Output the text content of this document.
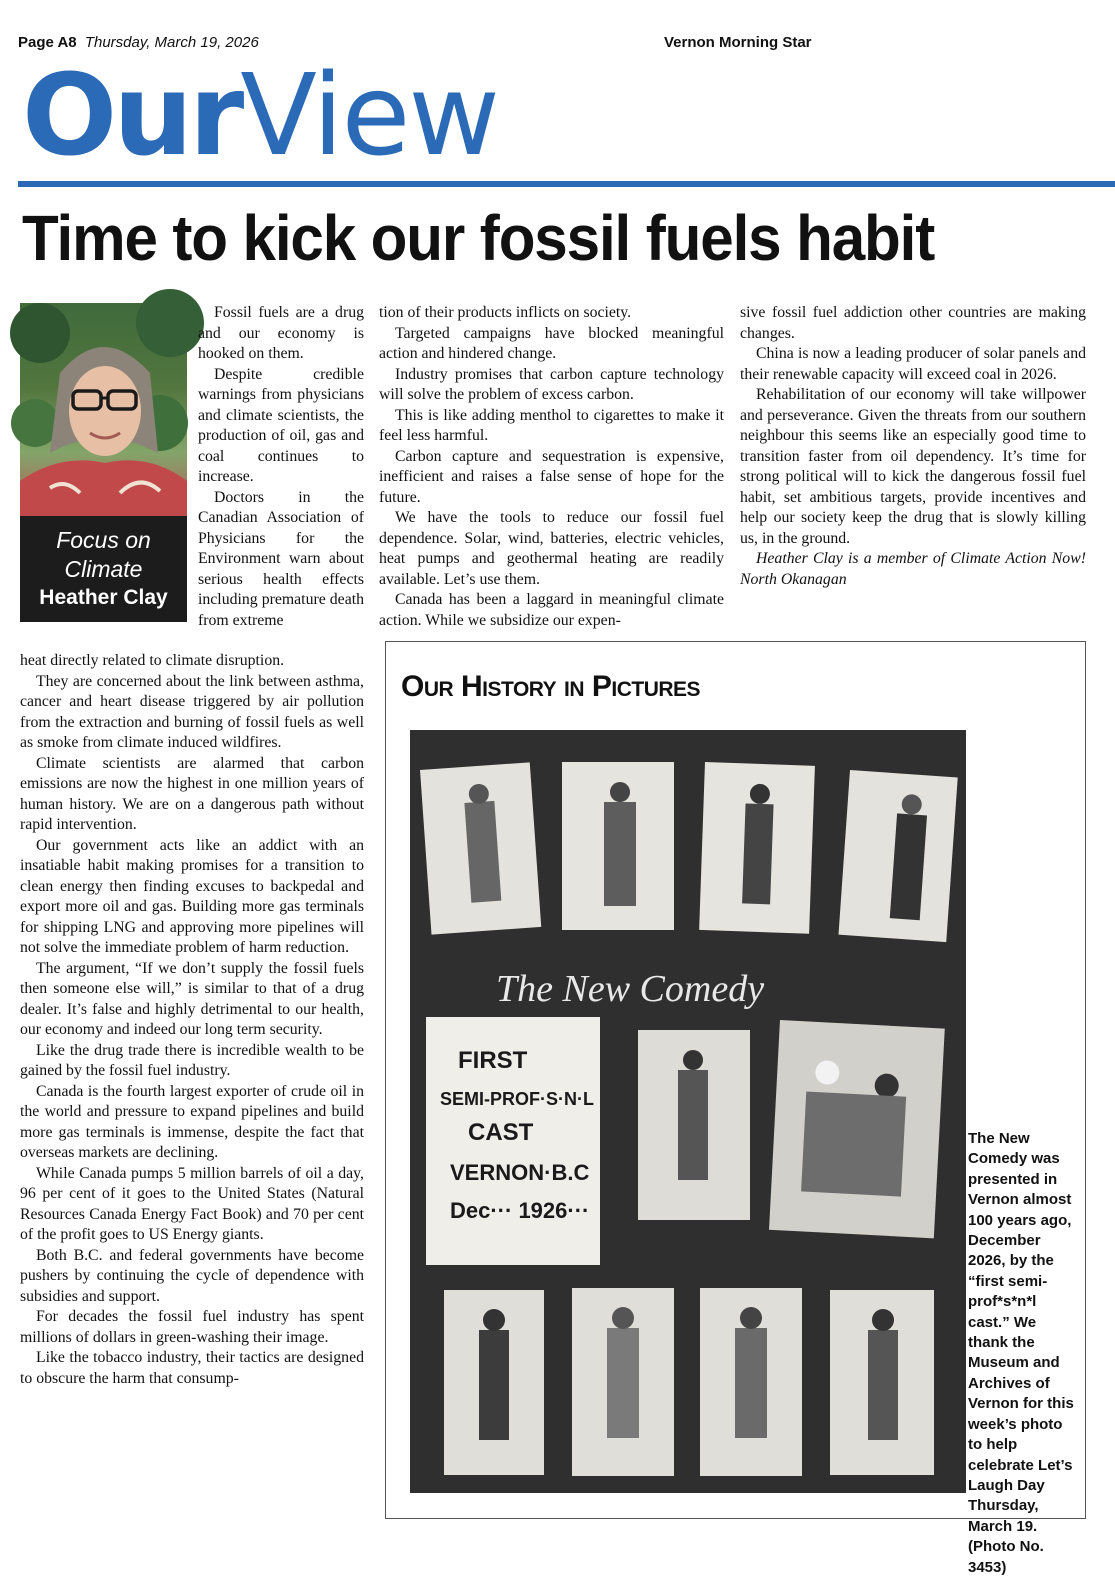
Page A8 Thursday, March 19, 2026	Vernon Morning Star
OurView
Time to kick our fossil fuels habit
Focus on
Climate
Heather Clay

Fossil fuels are a drug and our economy is hooked on them.

Despite credible warnings from physicians and climate scientists, the production of oil, gas and coal continues to increase.

Doctors in the Canadian Association of Physicians for the Environment warn about serious health effects including premature death from extreme

heat directly related to climate disruption.

They are concerned about the link between asthma, cancer and heart disease triggered by air pollution from the extraction and burning of fossil fuels as well as smoke from climate induced wildfires.

Climate scientists are alarmed that carbon emissions are now the highest in one million years of human history. We are on a dangerous path without rapid intervention.

Our government acts like an addict with an insatiable habit making promises for a transition to clean energy then finding excuses to backpedal and export more oil and gas. Building more gas terminals for shipping LNG and approving more pipelines will not solve the immediate problem of harm reduction.

The argument, “If we don’t supply the fossil fuels then someone else will,” is similar to that of a drug dealer. It’s false and highly detrimental to our health, our economy and indeed our long term security.

Like the drug trade there is incredible wealth to be gained by the fossil fuel industry.

Canada is the fourth largest exporter of crude oil in the world and pressure to expand pipelines and build more gas terminals is immense, despite the fact that overseas markets are declining.

While Canada pumps 5 million barrels of oil a day, 96 per cent of it goes to the United States (Natural Resources Canada Energy Fact Book) and 70 per cent of the profit goes to US Energy giants.

Both B.C. and federal governments have become pushers by continuing the cycle of dependence with subsidies and support.

For decades the fossil fuel industry has spent millions of dollars in green-washing their image.

Like the tobacco industry, their tactics are designed to obscure the harm that consump-

tion of their products inflicts on society.

Targeted campaigns have blocked meaningful action and hindered change.

Industry promises that carbon capture technology will solve the problem of excess carbon.

This is like adding menthol to cigarettes to make it feel less harmful.

Carbon capture and sequestration is expensive, inefficient and raises a false sense of hope for the future.

We have the tools to reduce our fossil fuel dependence. Solar, wind, batteries, electric vehicles, heat pumps and geothermal heating are readily available. Let’s use them.

Canada has been a laggard in meaningful climate action. While we subsidize our expen-

sive fossil fuel addiction other countries are making changes.

China is now a leading producer of solar panels and their renewable capacity will exceed coal in 2026.

Rehabilitation of our economy will take willpower and perseverance. Given the threats from our southern neighbour this seems like an especially good time to transition faster from oil dependency. It’s time for strong political will to kick the dangerous fossil fuel habit, set ambitious targets, provide incentives and help our society keep the drug that is slowly killing us, in the ground.

Heather Clay is a member of Climate Action Now! North Okanagan

Our History in Pictures
The New Comedy
FIRST
SEMI-PROF·S·N·L
CAST
VERNON·B.C
Dec··· 1926···

The New Comedy was presented in Vernon almost 100 years ago, December 2026, by the “first semi-prof*s*n*l cast.” We thank the Museum and Archives of Vernon for this week’s photo to help celebrate Let’s Laugh Day Thursday, March 19. (Photo No. 3453)
